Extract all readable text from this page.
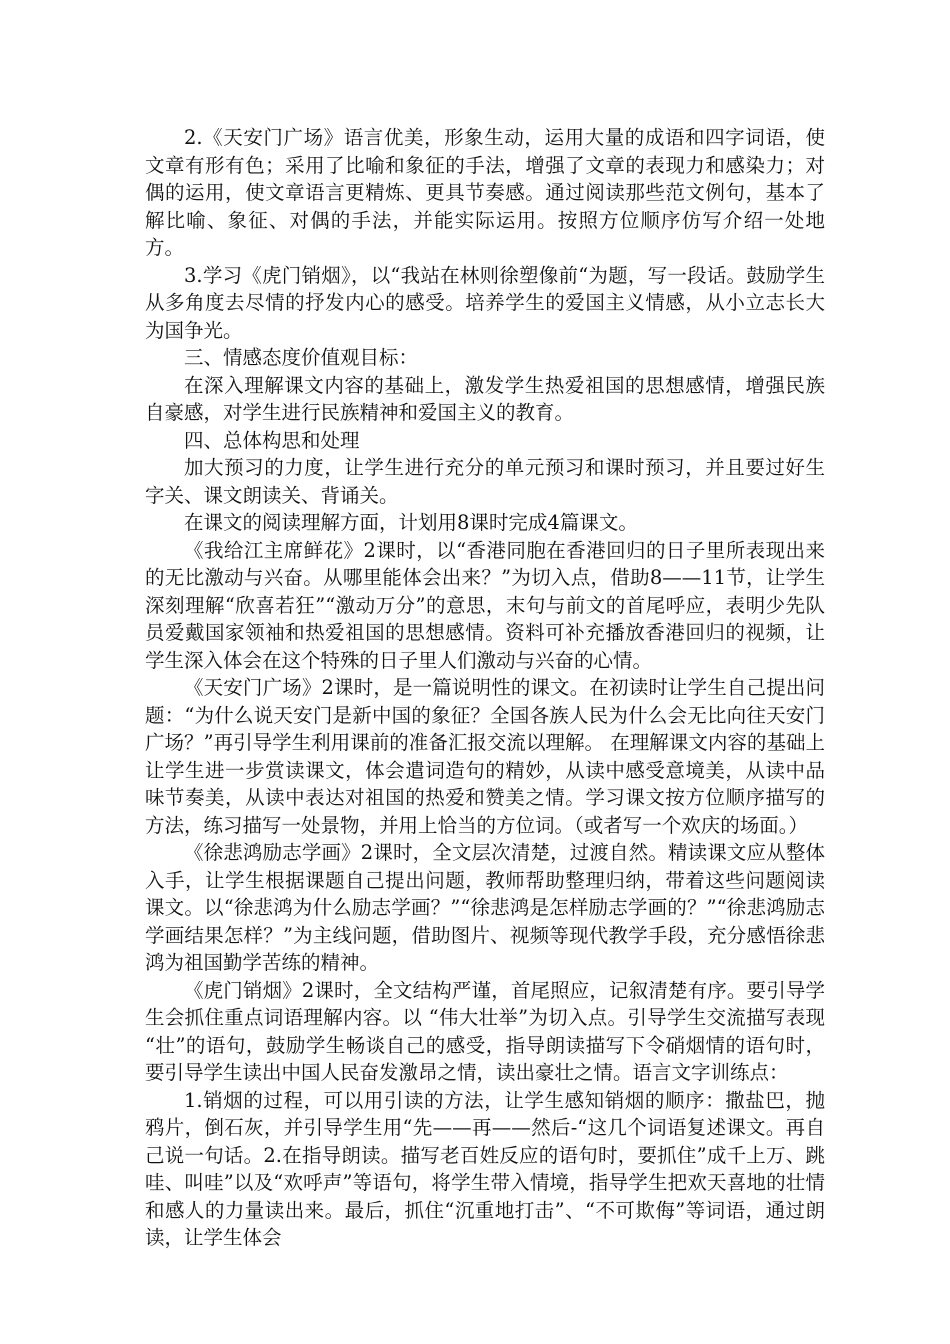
2.《天安门广场》语言优美，形象生动，运用大量的成语和四字词语，使文章有形有色；采用了比喻和象征的手法，增强了文章的表现力和感染力；对偶的运用，使文章语言更精炼、更具节奏感。通过阅读那些范文例句，基本了解比喻、象征、对偶的手法，并能实际运用。按照方位顺序仿写介绍一处地方。

3.学习《虎门销烟》，以“我站在林则徐塑像前“为题，写一段话。鼓励学生从多角度去尽情的抒发内心的感受。培养学生的爱国主义情感，从小立志长大为国争光。

三、情感态度价值观目标：

在深入理解课文内容的基础上，激发学生热爱祖国的思想感情，增强民族自豪感，对学生进行民族精神和爱国主义的教育。

四、总体构思和处理

加大预习的力度，让学生进行充分的单元预习和课时预习，并且要过好生字关、课文朗读关、背诵关。

在课文的阅读理解方面，计划用8课时完成4篇课文。

《我给江主席鲜花》2课时，以“香港同胞在香港回归的日子里所表现出来的无比激动与兴奋。从哪里能体会出来？”为切入点，借助8——11节，让学生深刻理解“欣喜若狂”“激动万分”的意思，末句与前文的首尾呼应，表明少先队员爱戴国家领袖和热爱祖国的思想感情。资料可补充播放香港回归的视频，让学生深入体会在这个特殊的日子里人们激动与兴奋的心情。

《天安门广场》2课时，是一篇说明性的课文。在初读时让学生自己提出问题：“为什么说天安门是新中国的象征？全国各族人民为什么会无比向往天安门广场？”再引导学生利用课前的准备汇报交流以理解。 在理解课文内容的基础上让学生进一步赏读课文，体会遣词造句的精妙，从读中感受意境美，从读中品味节奏美，从读中表达对祖国的热爱和赞美之情。学习课文按方位顺序描写的方法，练习描写一处景物，并用上恰当的方位词。（或者写一个欢庆的场面。）

《徐悲鸿励志学画》2课时，全文层次清楚，过渡自然。精读课文应从整体入手，让学生根据课题自己提出问题，教师帮助整理归纳，带着这些问题阅读课文。以“徐悲鸿为什么励志学画？”“徐悲鸿是怎样励志学画的？”“徐悲鸿励志学画结果怎样？”为主线问题，借助图片、视频等现代教学手段，充分感悟徐悲鸿为祖国勤学苦练的精神。

《虎门销烟》2课时，全文结构严谨，首尾照应，记叙清楚有序。要引导学生会抓住重点词语理解内容。以 “伟大壮举”为切入点。引导学生交流描写表现 “壮”的语句，鼓励学生畅谈自己的感受，指导朗读描写下令硝烟情的语句时，要引导学生读出中国人民奋发激昂之情，读出豪壮之情。语言文字训练点：

1.销烟的过程，可以用引读的方法，让学生感知销烟的顺序：撒盐巴，抛鸦片，倒石灰，并引导学生用“先——再——然后-“这几个词语复述课文。再自己说一句话。2.在指导朗读。描写老百姓反应的语句时，要抓住”成千上万、跳哇、叫哇”以及“欢呼声”等语句，将学生带入情境，指导学生把欢天喜地的壮情和感人的力量读出来。最后，抓住“沉重地打击”、“不可欺侮”等词语，通过朗读，让学生体会
